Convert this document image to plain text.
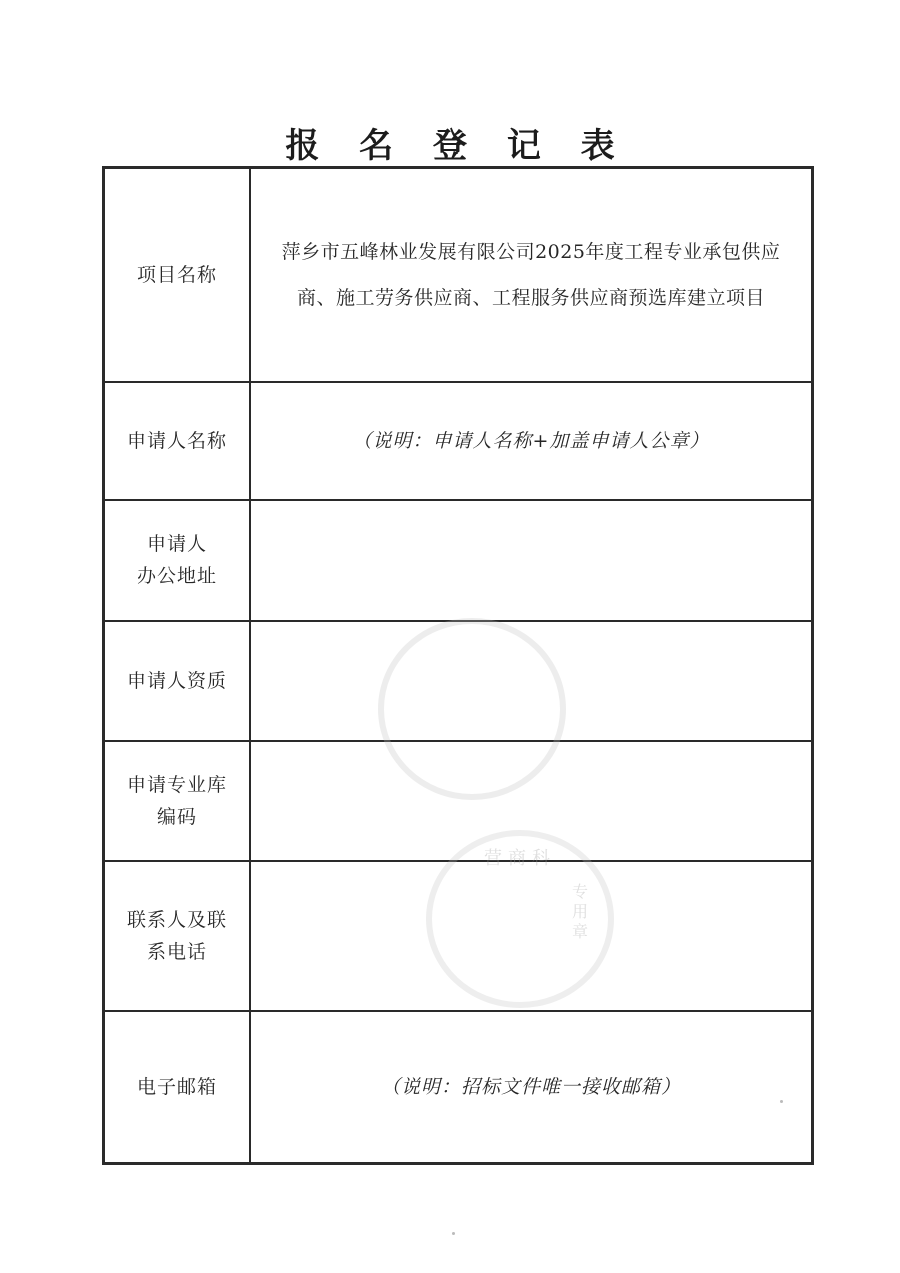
报 名 登 记 表
项目名称	萍乡市五峰林业发展有限公司2025年度工程专业承包供应
商、施工劳务供应商、工程服务供应商预选库建立项目
申请人名称	（说明：申请人名称+加盖申请人公章）

申请人
办公地址	

申请人资质	

申请专业库
编码	

联系人及联
系电话	

电子邮箱	（说明：招标文件唯一接收邮箱）
营商科
专用章
